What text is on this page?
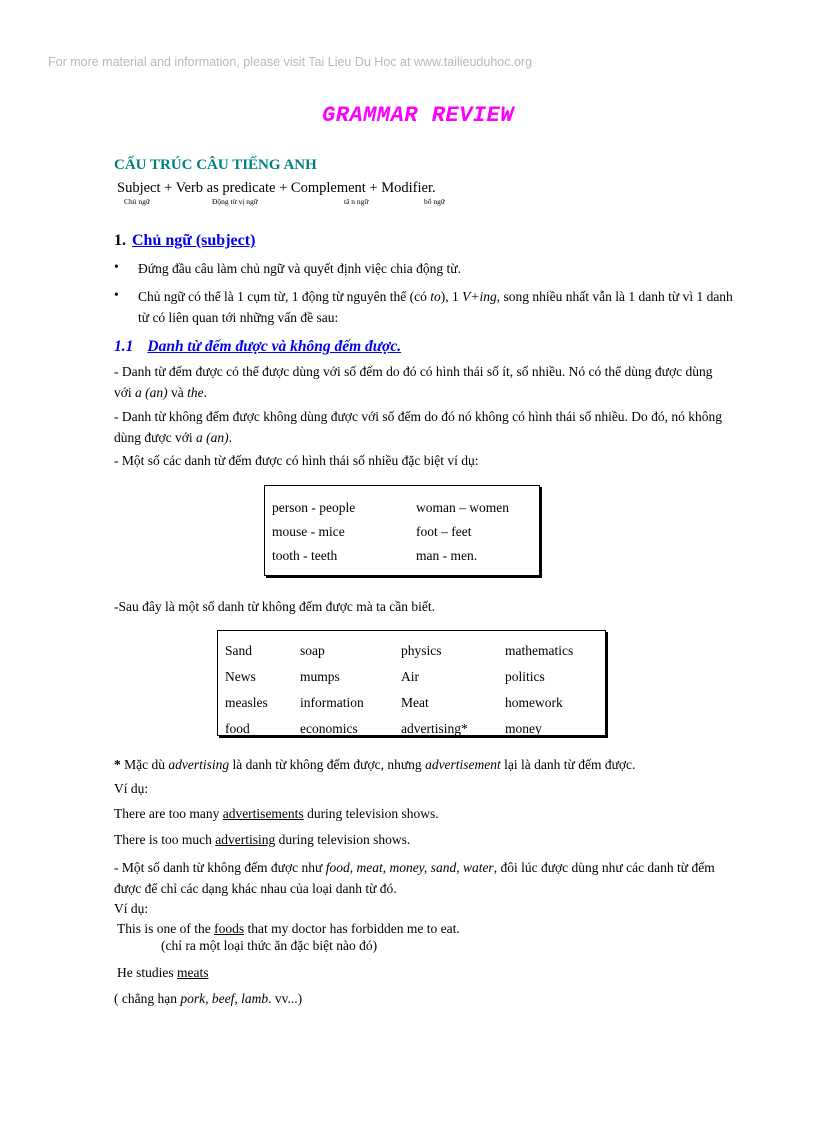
For more material and information, please visit Tai Lieu Du Hoc at www.tailieuduhoc.org
GRAMMAR REVIEW
CẤU TRÚC CÂU TIẾNG ANH
Subject + Verb as predicate + Complement + Modifier.
Chủ ngữ	Động từ vị ngữ	tâ n ngữ	bổ ngữ
1. Chủ ngữ (subject)
• Đứng đầu câu làm chủ ngữ và quyết định việc chia động từ.
• Chủ ngữ có thể là 1 cụm từ, 1 động từ nguyên thể (có to), 1 V+ing, song nhiều nhất vẫn là 1 danh từ vì 1 danh từ có liên quan tới những vấn đề sau:
1.1 Danh từ đếm được và không đếm được.
- Danh từ đếm được có thể được dùng với số đếm do đó có hình thái số ít, số nhiều. Nó có thể dùng được dùng với a (an) và the.
- Danh từ không đếm được không dùng được với số đếm do đó nó không có hình thái số nhiều. Do đó, nó không dùng được với a (an).
- Một số các danh từ đếm được có hình thái số nhiều đặc biệt ví dụ:
person - people	woman – women
mouse - mice	foot – feet
tooth - teeth	man - men.
-Sau đây là một số danh từ không đếm được mà ta cần biết.
Sand	soap	physics	mathematics
News	mumps	Air	politics
measles	information	Meat	homework
food	economics	advertising*	money
* Mặc dù advertising là danh từ không đếm được, nhưng advertisement lại là danh từ đếm được.
Ví dụ:
There are too many advertisements during television shows.
There is too much advertising during television shows.
- Một số danh từ không đếm được như food, meat, money, sand, water, đôi lúc được dùng như các danh từ đếm được để chỉ các dạng khác nhau của loại danh từ đó.
Ví dụ:
This is one of the foods that my doctor has forbidden me to eat.
(chỉ ra một loại thức ăn đặc biệt nào đó)
He studies meats
( chẳng hạn pork, beef, lamb. vv...)
